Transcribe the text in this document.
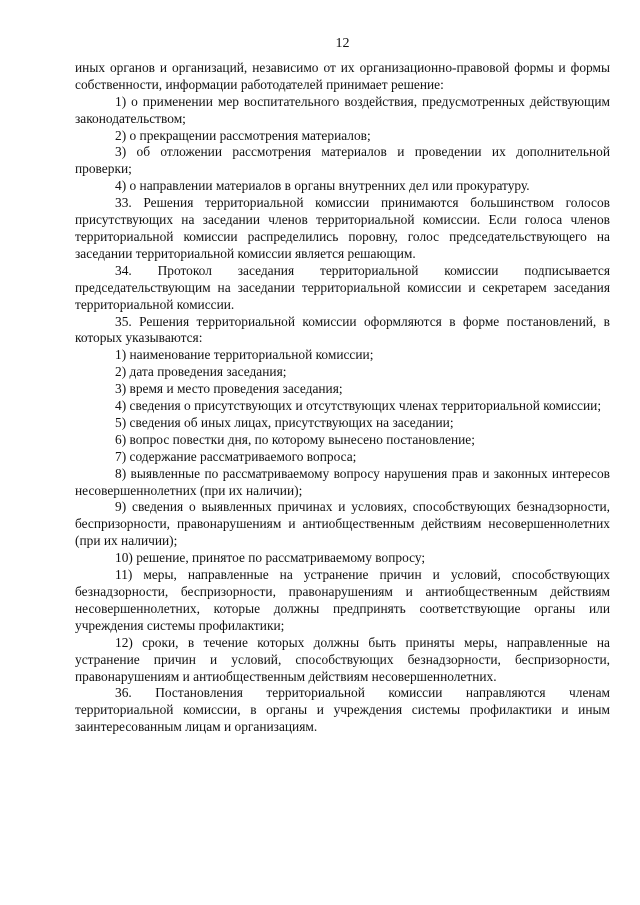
12

иных органов и организаций, независимо от их организационно-правовой формы и формы собственности, информации работодателей принимает решение:

1) о применении мер воспитательного воздействия, предусмотренных действующим законодательством;

2) о прекращении рассмотрения материалов;

3) об отложении рассмотрения материалов и проведении их дополнительной проверки;

4) о направлении материалов в органы внутренних дел или прокуратуру.

33. Решения территориальной комиссии принимаются большинством голосов присутствующих на заседании членов территориальной комиссии. Если голоса членов территориальной комиссии распределились поровну, голос председательствующего на заседании территориальной комиссии является решающим.

34. Протокол заседания территориальной комиссии подписывается председательствующим на заседании территориальной комиссии и секретарем заседания территориальной комиссии.

35. Решения территориальной комиссии оформляются в форме постановлений, в которых указываются:

1) наименование территориальной комиссии;

2) дата проведения заседания;

3) время и место проведения заседания;

4) сведения о присутствующих и отсутствующих членах территориальной комиссии;

5) сведения об иных лицах, присутствующих на заседании;

6) вопрос повестки дня, по которому вынесено постановление;

7) содержание рассматриваемого вопроса;

8) выявленные по рассматриваемому вопросу нарушения прав и законных интересов несовершеннолетних (при их наличии);

9) сведения о выявленных причинах и условиях, способствующих безнадзорности, беспризорности, правонарушениям и антиобщественным действиям несовершеннолетних (при их наличии);

10) решение, принятое по рассматриваемому вопросу;

11) меры, направленные на устранение причин и условий, способствующих безнадзорности, беспризорности, правонарушениям и антиобщественным действиям несовершеннолетних, которые должны предпринять соответствующие органы или учреждения системы профилактики;

12) сроки, в течение которых должны быть приняты меры, направленные на устранение причин и условий, способствующих безнадзорности, беспризорности, правонарушениям и антиобщественным действиям несовершеннолетних.

36. Постановления территориальной комиссии направляются членам территориальной комиссии, в органы и учреждения системы профилактики и иным заинтересованным лицам и организациям.
